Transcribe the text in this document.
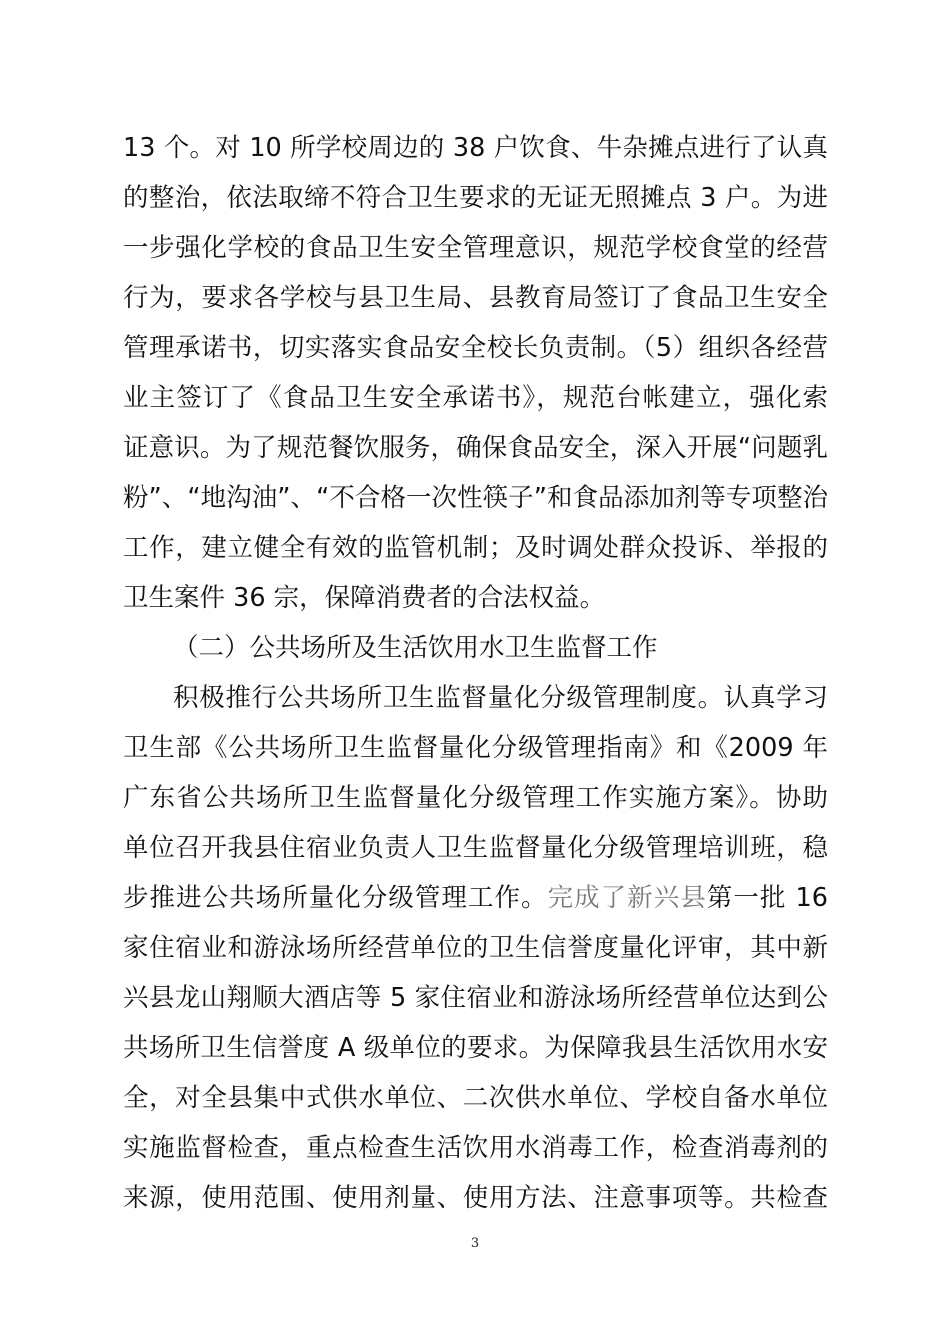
13 个。对 10 所学校周边的 38 户饮食、牛杂摊点进行了认真
的整治，依法取缔不符合卫生要求的无证无照摊点 3 户。为进
一步强化学校的食品卫生安全管理意识，规范学校食堂的经营
行为，要求各学校与县卫生局、县教育局签订了食品卫生安全
管理承诺书，切实落实食品安全校长负责制。（5）组织各经营
业主签订了《食品卫生安全承诺书》，规范台帐建立，强化索
证意识。为了规范餐饮服务，确保食品安全，深入开展“问题乳
粉”、“地沟油”、“不合格一次性筷子”和食品添加剂等专项整治
工作，建立健全有效的监管机制；及时调处群众投诉、举报的
卫生案件 36 宗，保障消费者的合法权益。
（二）公共场所及生活饮用水卫生监督工作
积极推行公共场所卫生监督量化分级管理制度。认真学习
卫生部《公共场所卫生监督量化分级管理指南》和《2009 年
广东省公共场所卫生监督量化分级管理工作实施方案》。协助
单位召开我县住宿业负责人卫生监督量化分级管理培训班，稳
步推进公共场所量化分级管理工作。完成了新兴县第一批 16
家住宿业和游泳场所经营单位的卫生信誉度量化评审，其中新
兴县龙山翔顺大酒店等 5 家住宿业和游泳场所经营单位达到公
共场所卫生信誉度 A 级单位的要求。为保障我县生活饮用水安
全，对全县集中式供水单位、二次供水单位、学校自备水单位
实施监督检查，重点检查生活饮用水消毒工作，检查消毒剂的
来源，使用范围、使用剂量、使用方法、注意事项等。共检查
3
